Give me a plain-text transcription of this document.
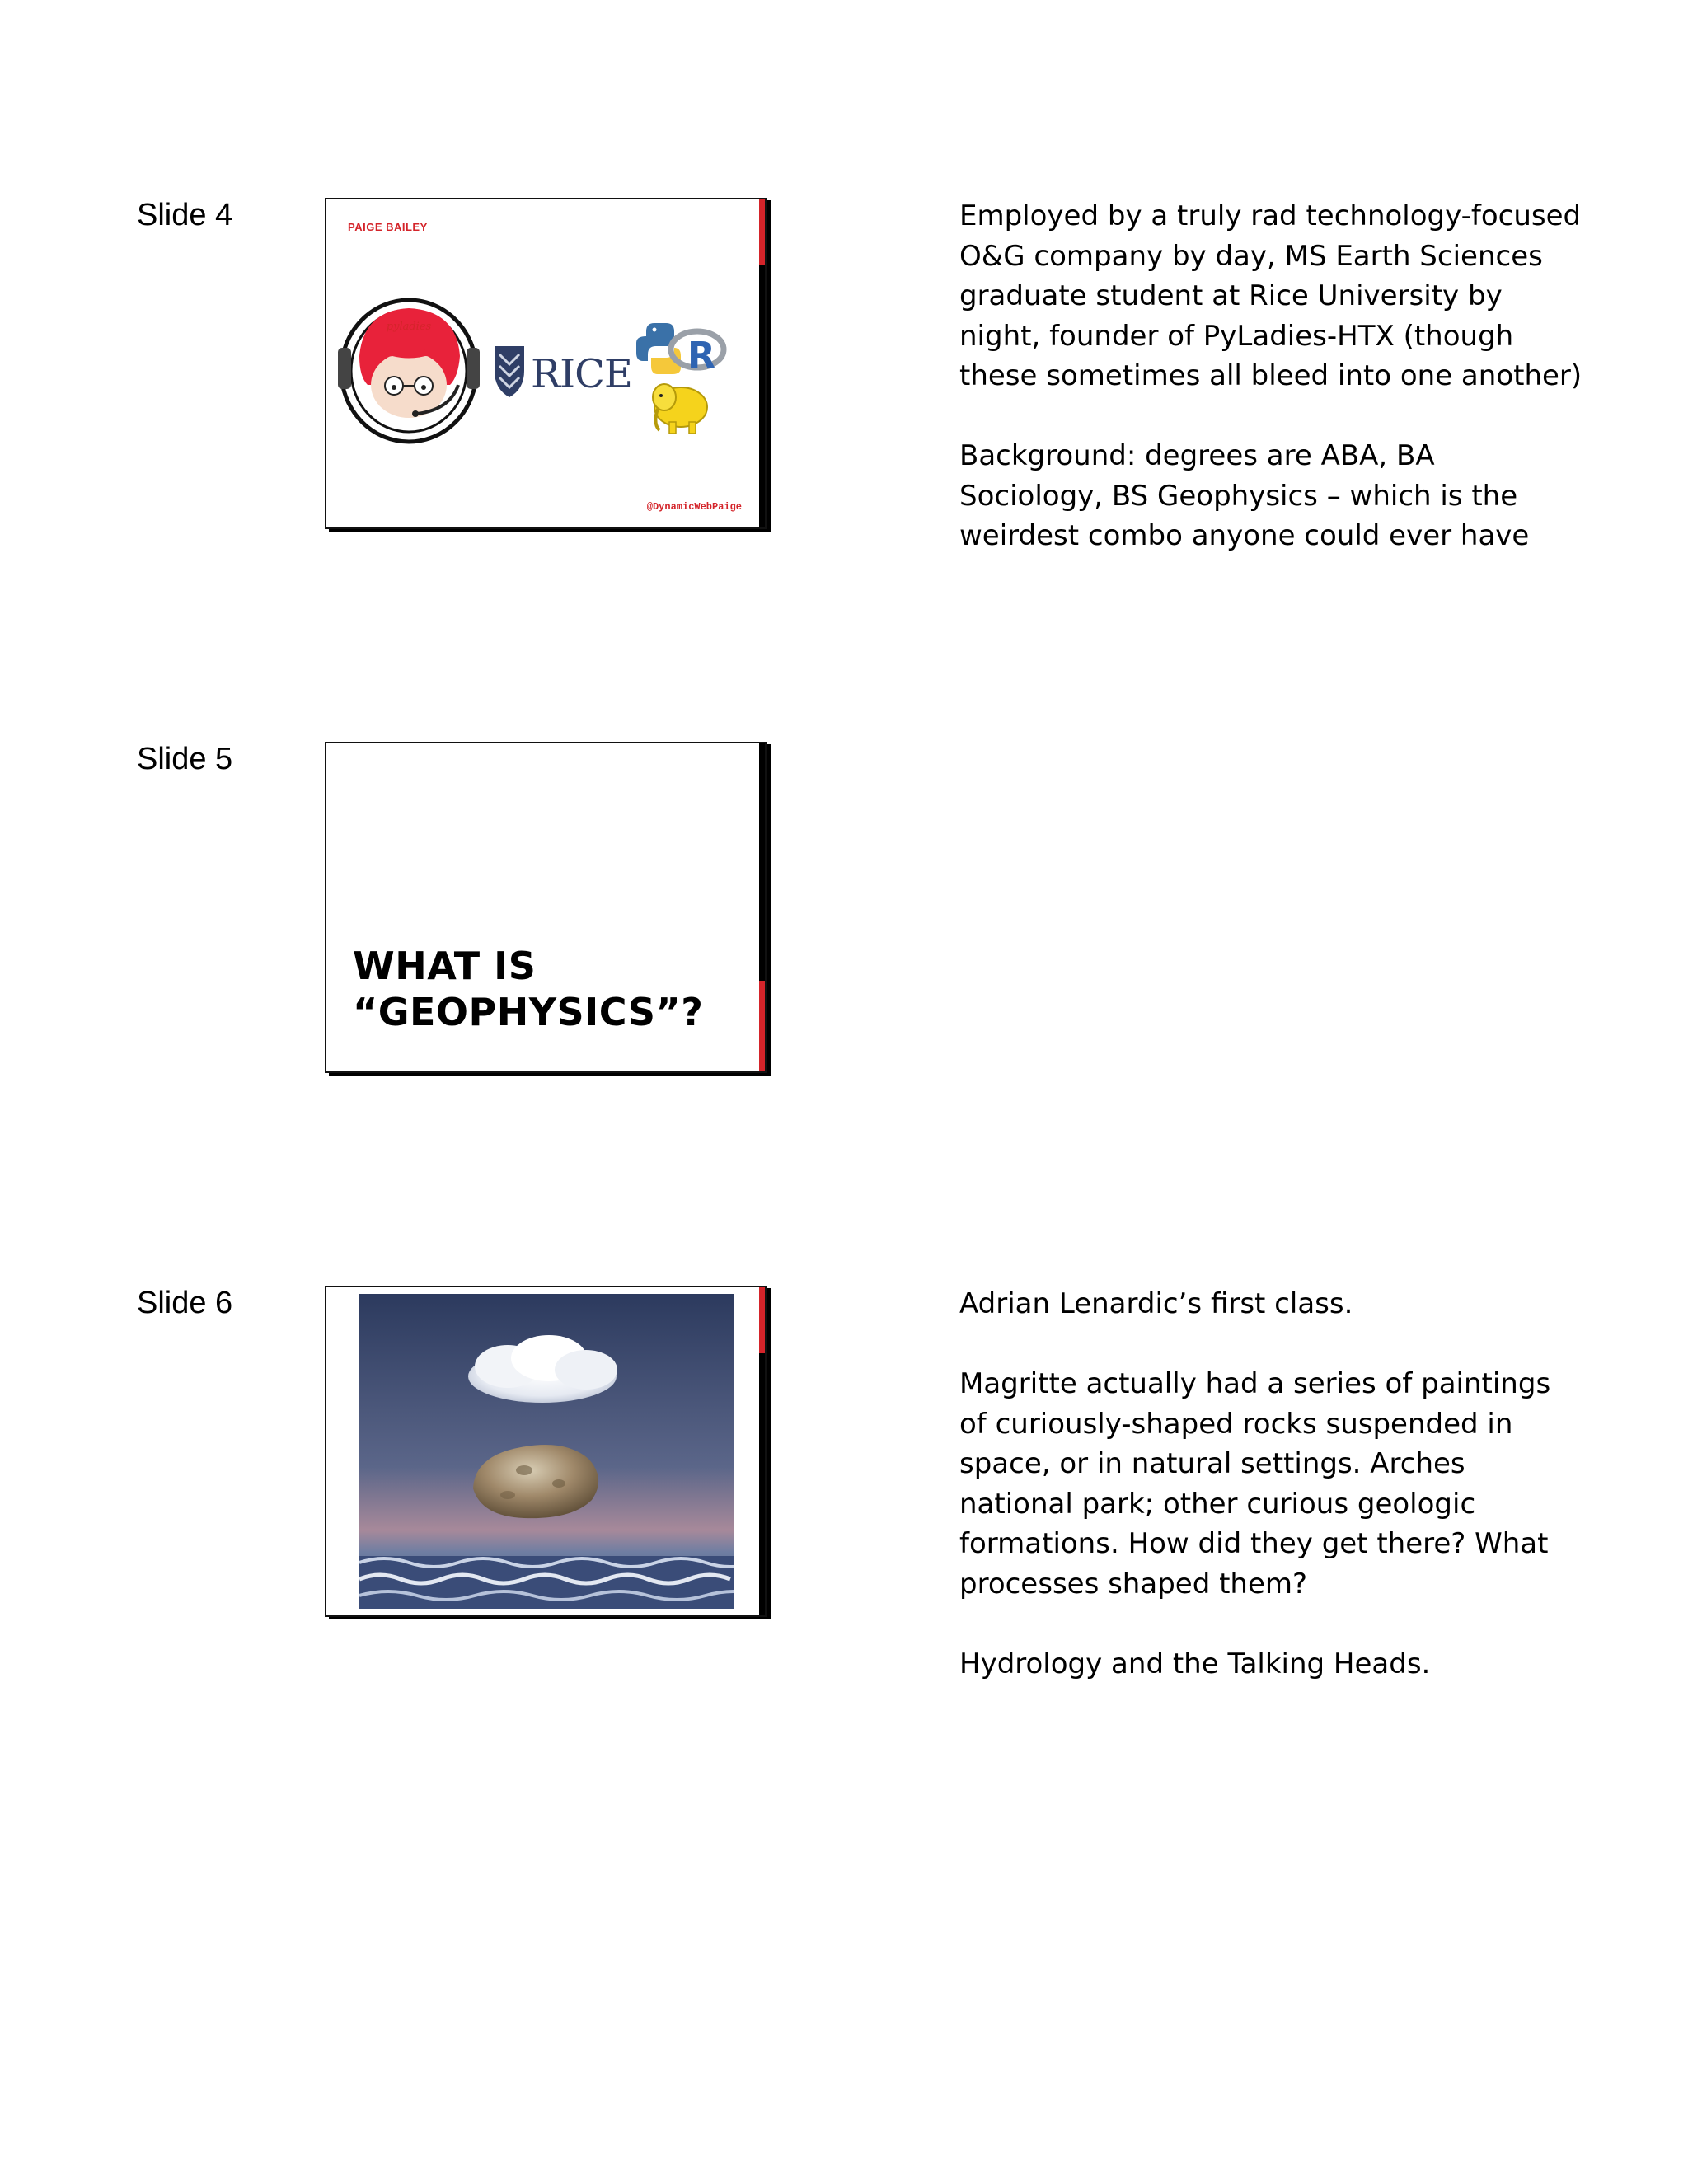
Slide 4	PAIGE BAILEY
pyladies
RICE R
@DynamicWebPaige

Employed by a truly rad technology-focused O&G company by day, MS Earth Sciences graduate student at Rice University by night, founder of PyLadies-HTX (though these sometimes all bleed into one another)

Background: degrees are ABA, BA Sociology, BS Geophysics – which is the weirdest combo anyone could ever have

Slide 5
WHAT IS
“GEOPHYSICS”?
Slide 6	Adrian Lenardic’s first class.

Magritte actually had a series of paintings of curiously-shaped rocks suspended in space, or in natural settings. Arches national park; other curious geologic formations. How did they get there? What processes shaped them?

Hydrology and the Talking Heads.
